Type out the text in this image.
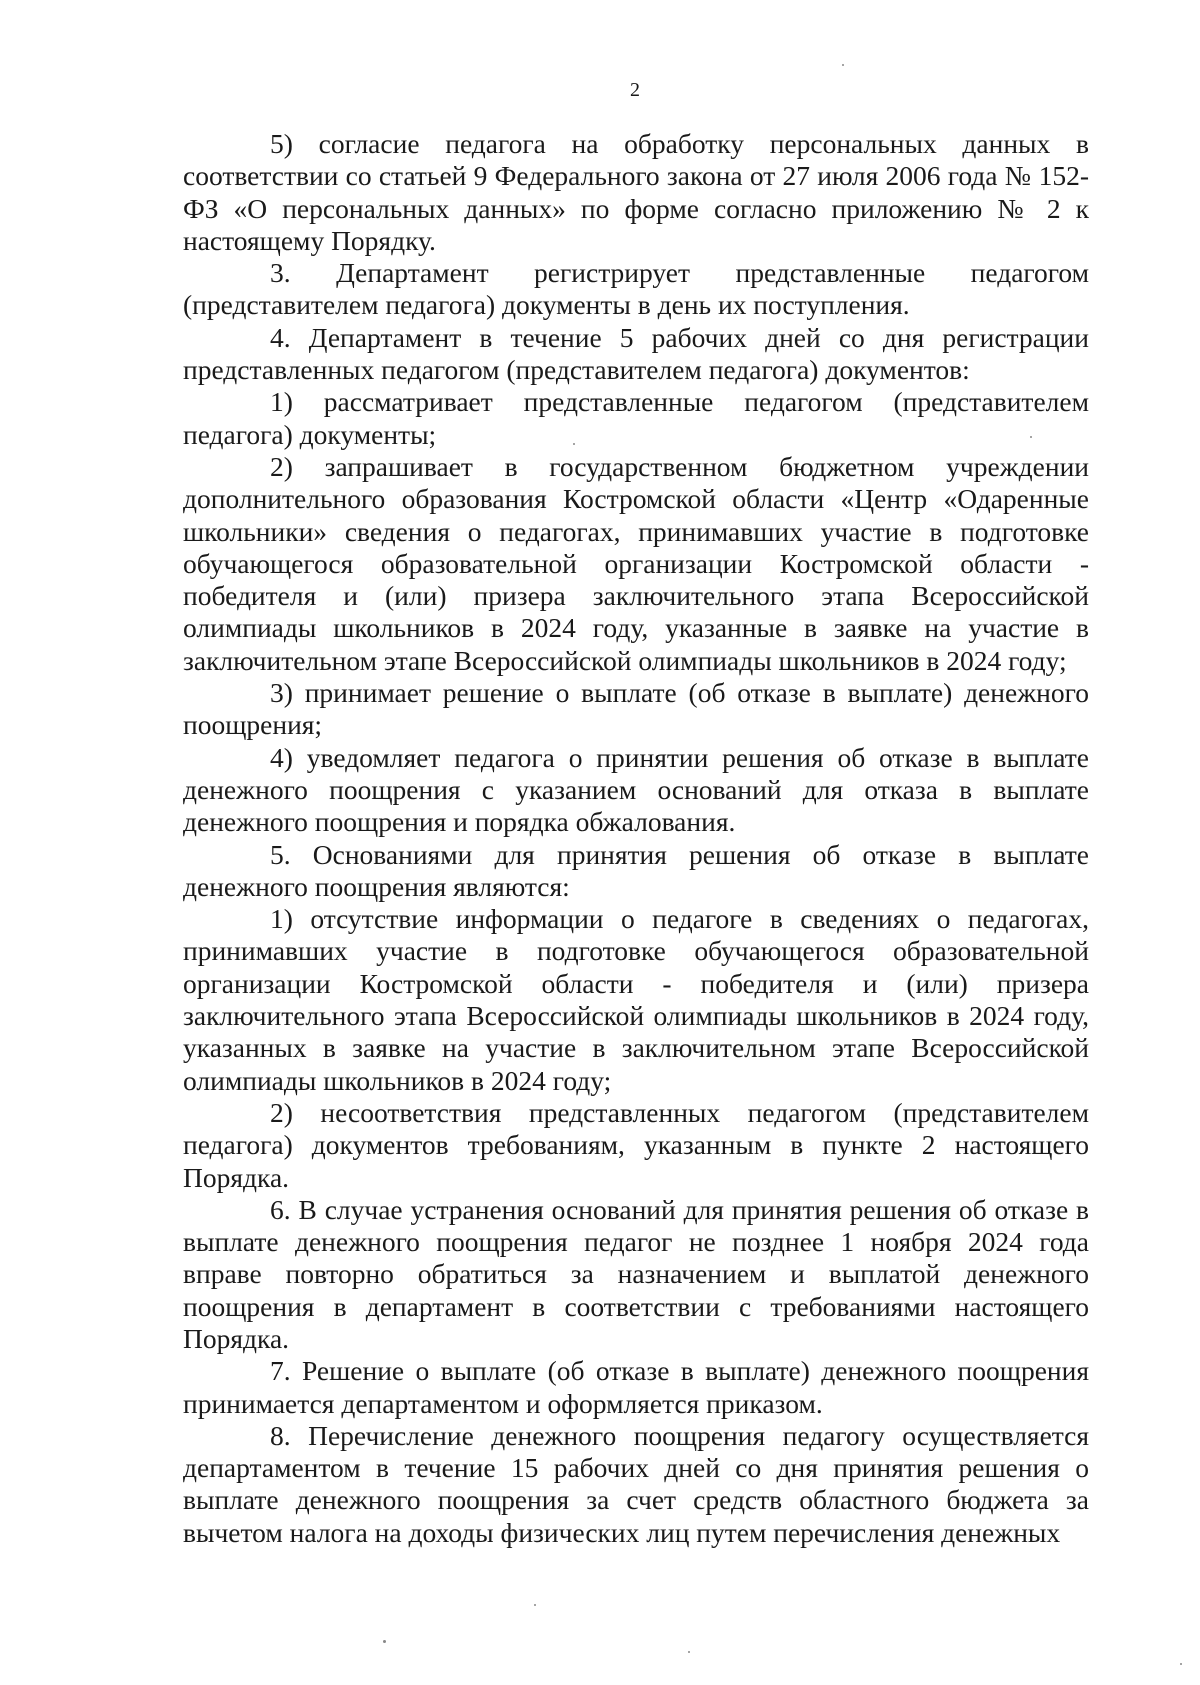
2

5) согласие педагога на обработку персональных данных в соответствии со статьей 9 Федерального закона от 27 июля 2006 года № 152-ФЗ «О персональных данных» по форме согласно приложению № 2 к настоящему Порядку.

3. Департамент регистрирует представленные педагогом (представителем педагога) документы в день их поступления.

4. Департамент в течение 5 рабочих дней со дня регистрации представленных педагогом (представителем педагога) документов:

1) рассматривает представленные педагогом (представителем педагога) документы;

2) запрашивает в государственном бюджетном учреждении дополнительного образования Костромской области «Центр «Одаренные школьники» сведения о педагогах, принимавших участие в подготовке обучающегося образовательной организации Костромской области - победителя и (или) призера заключительного этапа Всероссийской олимпиады школьников в 2024 году, указанные в заявке на участие в заключительном этапе Всероссийской олимпиады школьников в 2024 году;

3) принимает решение о выплате (об отказе в выплате) денежного поощрения;

4) уведомляет педагога о принятии решения об отказе в выплате денежного поощрения с указанием оснований для отказа в выплате денежного поощрения и порядка обжалования.

5. Основаниями для принятия решения об отказе в выплате денежного поощрения являются:

1) отсутствие информации о педагоге в сведениях о педагогах, принимавших участие в подготовке обучающегося образовательной организации Костромской области - победителя и (или) призера заключительного этапа Всероссийской олимпиады школьников в 2024 году, указанных в заявке на участие в заключительном этапе Всероссийской олимпиады школьников в 2024 году;

2) несоответствия представленных педагогом (представителем педагога) документов требованиям, указанным в пункте 2 настоящего Порядка.

6. В случае устранения оснований для принятия решения об отказе в выплате денежного поощрения педагог не позднее 1 ноября 2024 года вправе повторно обратиться за назначением и выплатой денежного поощрения в департамент в соответствии с требованиями настоящего Порядка.

7. Решение о выплате (об отказе в выплате) денежного поощрения принимается департаментом и оформляется приказом.

8. Перечисление денежного поощрения педагогу осуществляется департаментом в течение 15 рабочих дней со дня принятия решения о выплате денежного поощрения за счет средств областного бюджета за вычетом налога на доходы физических лиц путем перечисления денежных
